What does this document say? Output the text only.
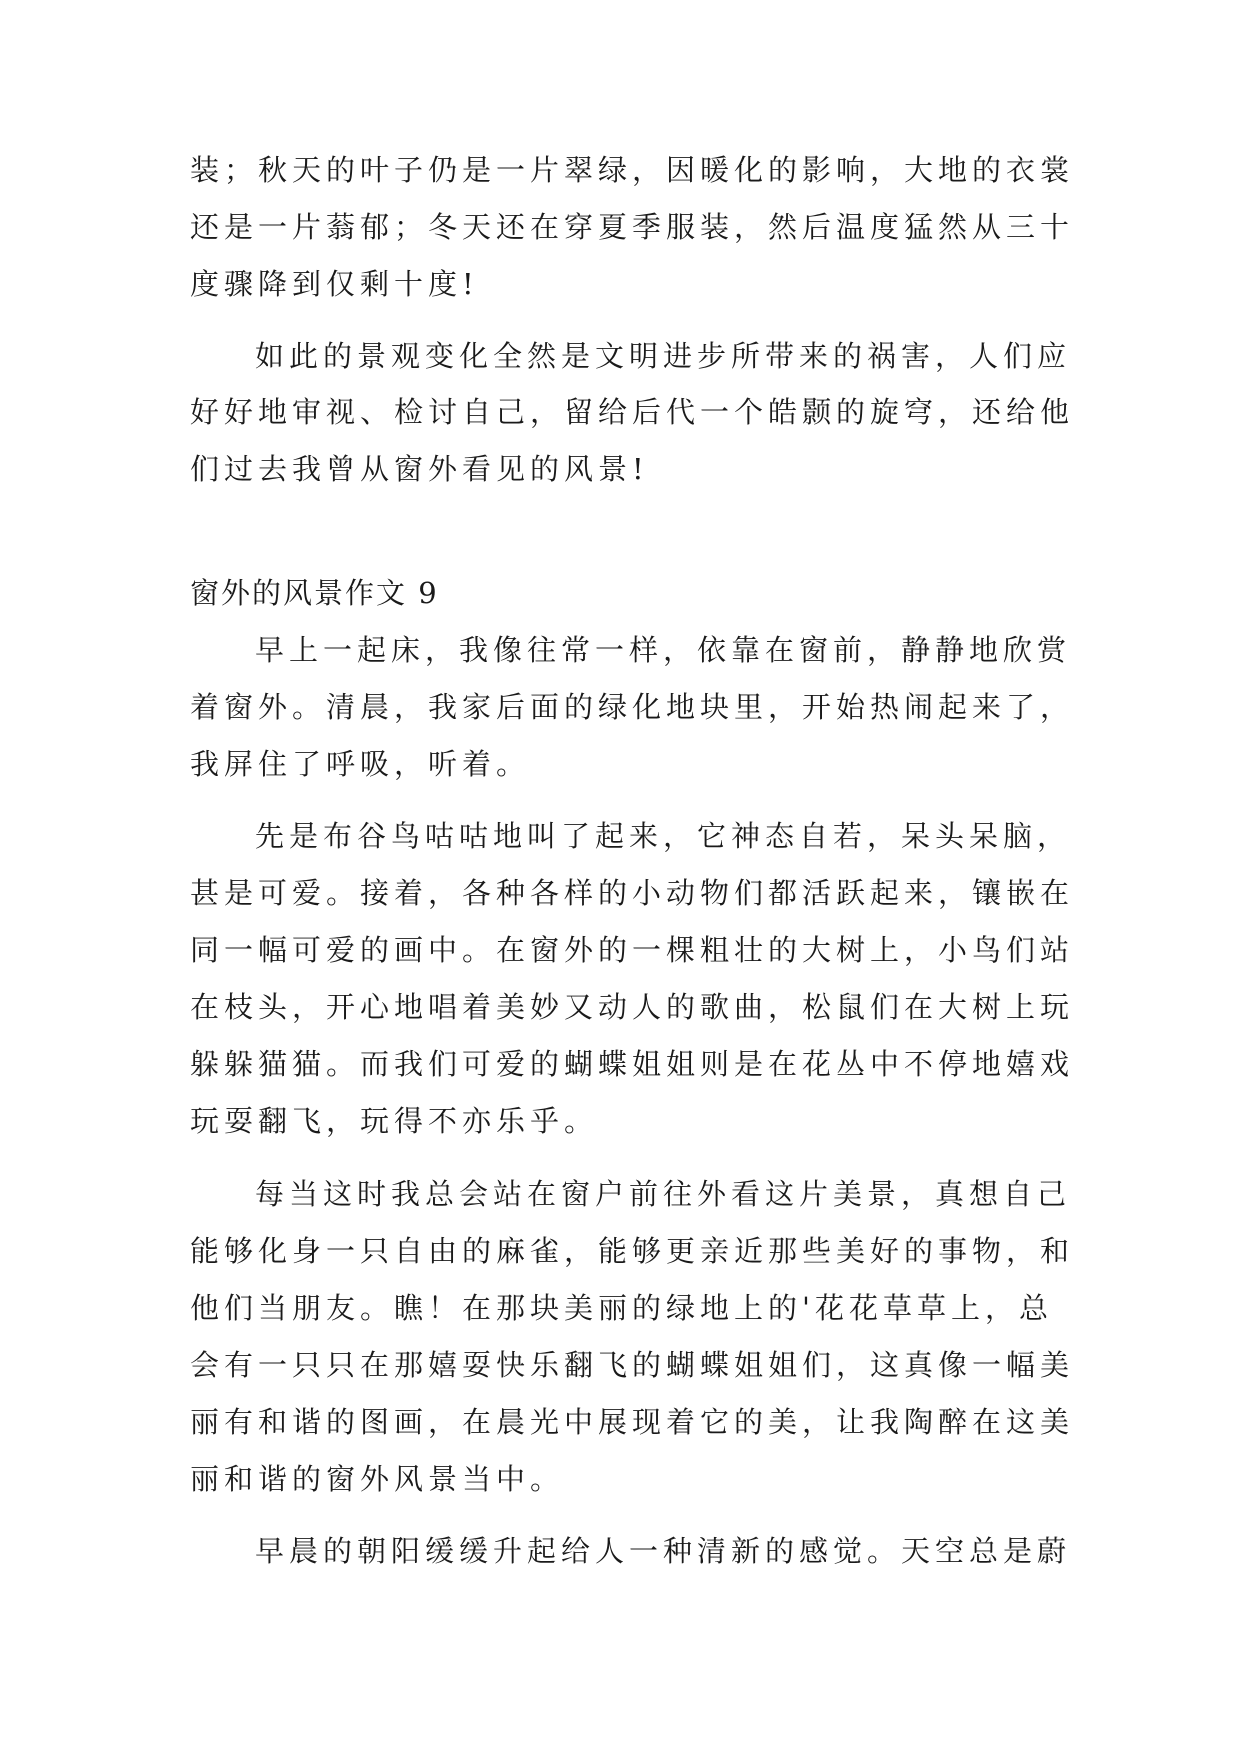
装；秋天的叶子仍是一片翠绿，因暖化的影响，大地的衣裳
还是一片蓊郁；冬天还在穿夏季服装，然后温度猛然从三十
度骤降到仅剩十度!
如此的景观变化全然是文明进步所带来的祸害，人们应
好好地审视、检讨自己，留给后代一个皓颢的旋穹，还给他
们过去我曾从窗外看见的风景!
窗外的风景作文 9
早上一起床，我像往常一样，依靠在窗前，静静地欣赏
着窗外。清晨，我家后面的绿化地块里，开始热闹起来了，
我屏住了呼吸，听着。
先是布谷鸟咕咕地叫了起来，它神态自若，呆头呆脑，
甚是可爱。接着，各种各样的小动物们都活跃起来，镶嵌在
同一幅可爱的画中。在窗外的一棵粗壮的大树上，小鸟们站
在枝头，开心地唱着美妙又动人的歌曲，松鼠们在大树上玩
躲躲猫猫。而我们可爱的蝴蝶姐姐则是在花丛中不停地嬉戏
玩耍翻飞，玩得不亦乐乎。
每当这时我总会站在窗户前往外看这片美景，真想自己
能够化身一只自由的麻雀，能够更亲近那些美好的事物，和
他们当朋友。瞧！在那块美丽的绿地上的'花花草草上，总
会有一只只在那嬉耍快乐翻飞的蝴蝶姐姐们，这真像一幅美
丽有和谐的图画，在晨光中展现着它的美，让我陶醉在这美
丽和谐的窗外风景当中。
早晨的朝阳缓缓升起给人一种清新的感觉。天空总是蔚
